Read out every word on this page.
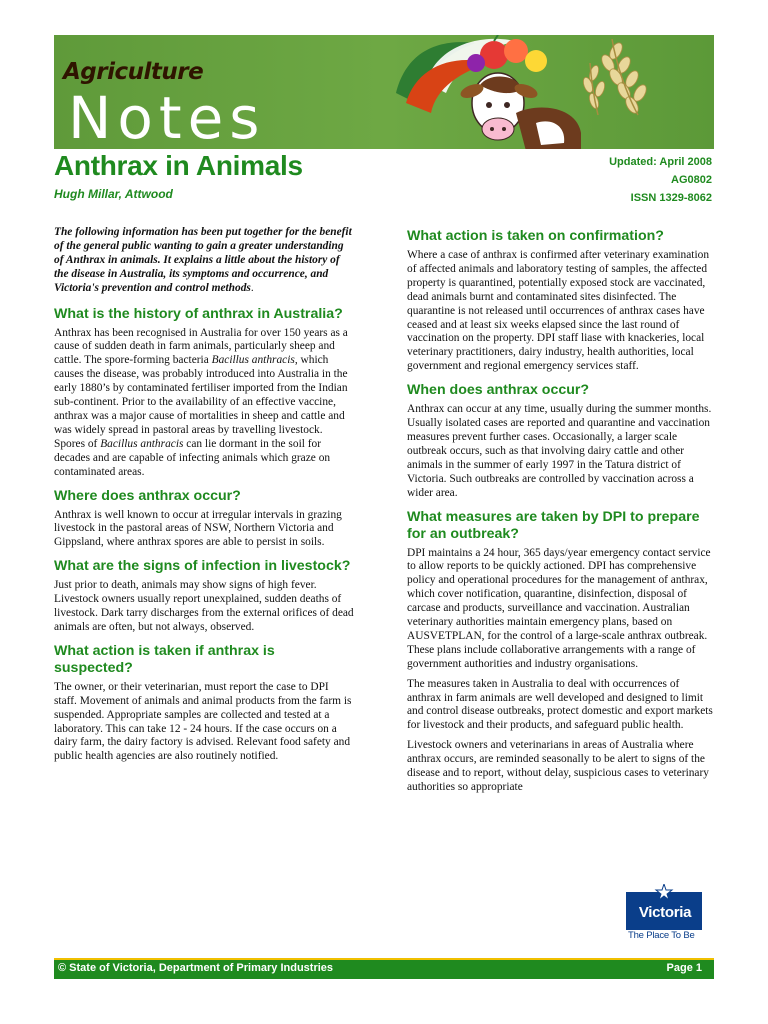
Agriculture
Notes
Anthrax in Animals
Hugh Millar, Attwood
Updated: April 2008
AG0802
ISSN 1329-8062

The following information has been put together for the benefit of the general public wanting to gain a greater understanding of Anthrax in animals. It explains a little about the history of the disease in Australia, its symptoms and occurrence, and Victoria's prevention and control methods.

What is the history of anthrax in Australia?

Anthrax has been recognised in Australia for over 150 years as a cause of sudden death in farm animals, particularly sheep and cattle. The spore-forming bacteria Bacillus anthracis, which causes the disease, was probably introduced into Australia in the early 1880’s by contaminated fertiliser imported from the Indian sub-continent. Prior to the availability of an effective vaccine, anthrax was a major cause of mortalities in sheep and cattle and was widely spread in pastoral areas by travelling livestock. Spores of Bacillus anthracis can lie dormant in the soil for decades and are capable of infecting animals which graze on contaminated areas.

Where does anthrax occur?

Anthrax is well known to occur at irregular intervals in grazing livestock in the pastoral areas of NSW, Northern Victoria and Gippsland, where anthrax spores are able to persist in soils.

What are the signs of infection in livestock?

Just prior to death, animals may show signs of high fever. Livestock owners usually report unexplained, sudden deaths of livestock. Dark tarry discharges from the external orifices of dead animals are often, but not always, observed.

What action is taken if anthrax is suspected?

The owner, or their veterinarian, must report the case to DPI staff. Movement of animals and animal products from the farm is suspended. Appropriate samples are collected and tested at a laboratory. This can take 12 - 24 hours. If the case occurs on a dairy farm, the dairy factory is advised. Relevant food safety and public health agencies are also routinely notified.

What action is taken on confirmation?

Where a case of anthrax is confirmed after veterinary examination of affected animals and laboratory testing of samples, the affected property is quarantined, potentially exposed stock are vaccinated, dead animals burnt and contaminated sites disinfected. The quarantine is not released until occurrences of anthrax cases have ceased and at least six weeks elapsed since the last round of vaccination on the property. DPI staff liase with knackeries, local veterinary practitioners, dairy industry, health authorities, local government and regional emergency services staff.

When does anthrax occur?

Anthrax can occur at any time, usually during the summer months. Usually isolated cases are reported and quarantine and vaccination measures prevent further cases. Occasionally, a larger scale outbreak occurs, such as that involving dairy cattle and other animals in the summer of early 1997 in the Tatura district of Victoria. Such outbreaks are controlled by vaccination across a wider area.

What measures are taken by DPI to prepare for an outbreak?

DPI maintains a 24 hour, 365 days/year emergency contact service to allow reports to be quickly actioned. DPI has comprehensive policy and operational procedures for the management of anthrax, which cover notification, quarantine, disinfection, disposal of carcase and products, surveillance and vaccination. Australian veterinary authorities maintain emergency plans, based on AUSVETPLAN, for the control of a large-scale anthrax outbreak. These plans include collaborative arrangements with a range of government authorities and industry organisations.

The measures taken in Australia to deal with occurrences of anthrax in farm animals are well developed and designed to limit and control disease outbreaks, protect domestic and export markets for livestock and their products, and safeguard public health.

Livestock owners and veterinarians in areas of Australia where anthrax occurs, are reminded seasonally to be alert to signs of the disease and to report, without delay, suspicious cases to veterinary authorities so appropriate

Victoria
The Place To Be
© State of Victoria, Department of Primary Industries	Page 1
